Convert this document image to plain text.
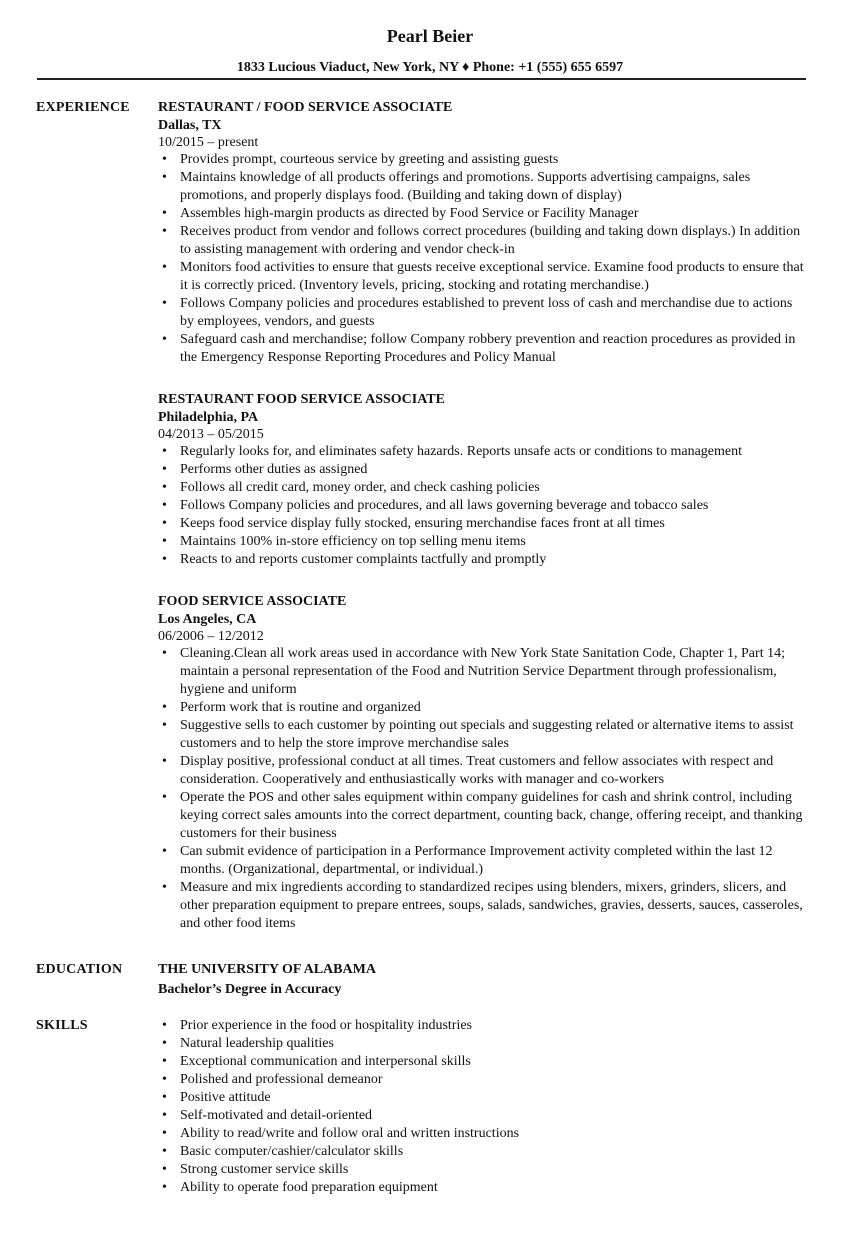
Pearl Beier
1833 Lucious Viaduct, New York, NY ♦ Phone: +1 (555) 655 6597
EXPERIENCE RESTAURANT / FOOD SERVICE ASSOCIATE
Dallas, TX
10/2015 – present
• Provides prompt, courteous service by greeting and assisting guests
• Maintains knowledge of all products offerings and promotions. Supports advertising campaigns, sales promotions, and properly displays food. (Building and taking down of display)
• Assembles high-margin products as directed by Food Service or Facility Manager
• Receives product from vendor and follows correct procedures (building and taking down displays.) In addition to assisting management with ordering and vendor check-in
• Monitors food activities to ensure that guests receive exceptional service. Examine food products to ensure that it is correctly priced. (Inventory levels, pricing, stocking and rotating merchandise.)
• Follows Company policies and procedures established to prevent loss of cash and merchandise due to actions by employees, vendors, and guests
• Safeguard cash and merchandise; follow Company robbery prevention and reaction procedures as provided in the Emergency Response Reporting Procedures and Policy Manual
RESTAURANT FOOD SERVICE ASSOCIATE
Philadelphia, PA
04/2013 – 05/2015
• Regularly looks for, and eliminates safety hazards. Reports unsafe acts or conditions to management
• Performs other duties as assigned
• Follows all credit card, money order, and check cashing policies
• Follows Company policies and procedures, and all laws governing beverage and tobacco sales
• Keeps food service display fully stocked, ensuring merchandise faces front at all times
• Maintains 100% in-store efficiency on top selling menu items
• Reacts to and reports customer complaints tactfully and promptly
FOOD SERVICE ASSOCIATE
Los Angeles, CA
06/2006 – 12/2012
• Cleaning.Clean all work areas used in accordance with New York State Sanitation Code, Chapter 1, Part 14; maintain a personal representation of the Food and Nutrition Service Department through professionalism, hygiene and uniform
• Perform work that is routine and organized
• Suggestive sells to each customer by pointing out specials and suggesting related or alternative items to assist customers and to help the store improve merchandise sales
• Display positive, professional conduct at all times. Treat customers and fellow associates with respect and consideration. Cooperatively and enthusiastically works with manager and co-workers
• Operate the POS and other sales equipment within company guidelines for cash and shrink control, including keying correct sales amounts into the correct department, counting back, change, offering receipt, and thanking customers for their business
• Can submit evidence of participation in a Performance Improvement activity completed within the last 12 months. (Organizational, departmental, or individual.)
• Measure and mix ingredients according to standardized recipes using blenders, mixers, grinders, slicers, and other preparation equipment to prepare entrees, soups, salads, sandwiches, gravies, desserts, sauces, casseroles, and other food items
EDUCATION	THE UNIVERSITY OF ALABAMA
Bachelor’s Degree in Accuracy
SKILLS	• Prior experience in the food or hospitality industries
• Natural leadership qualities
• Exceptional communication and interpersonal skills
• Polished and professional demeanor
• Positive attitude
• Self-motivated and detail-oriented
• Ability to read/write and follow oral and written instructions
• Basic computer/cashier/calculator skills
• Strong customer service skills
• Ability to operate food preparation equipment
